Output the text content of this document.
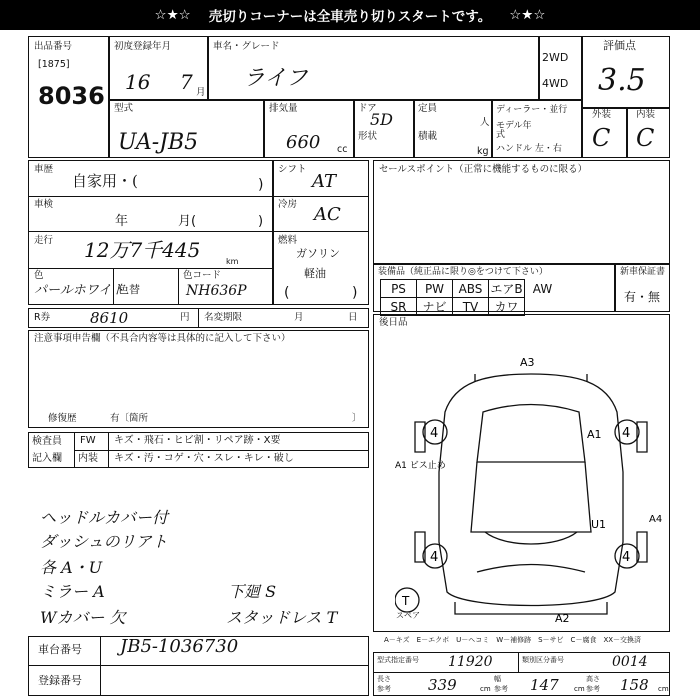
☆★☆ 売切りコーナーは全車売り切りスタートです。 ☆★☆
出品番号
[1875]
8036
初度登録年月
16 7 月
車名・グレード
ライフ
2WD
4WD
評価点
3.5
型式
UA-JB5
排気量
660 cc
ドア
5D
形状
定員
人
積載
kg
ディーラー・並行
モデル年式
ハンドル 左・右
外装	内装
C C
車歴
自家用・(	)
車検
年	月(	)
走行 12万7千445	km
色
パールホワイト
色替
色コード
NH636P
シフト
AT
冷房 AC
燃料
ガソリン
軽油
(	)
セールスポイント（正常に機能するものに限る）
装備品（純正品に限り◎をつけて下さい）	新車保証書
有・無
PS	PW	ABS	エアB	AW
SR	ナビ	TV	カワ	
R券	8610	円 名変期限	月	日
注意事項申告欄（不具合内容等は具体的に記入して下さい）
修復歴	有〔箇所	〕
後日品
検査員
記入欄
FW キズ・飛石・ヒビ割・リペア跡・X要
内装 キズ・汚・コゲ・穴・スレ・キレ・破し
ヘッドルカバー付
ダッシュのリアト
各 A・U
ミラー A
Wカバー 欠
下廻 S
スタッドレス T
A3
A1
4	4
A1 ビス止め
U1	A4
4	4
A2
T
スペア
A－キズ　E－エクボ　U－ヘコミ　W－補修跡　S－サビ　C－腐食　XX－交換済
車台番号 JB5-1036730
登録番号
型式指定番号 11920	類別区分番号	0014
長さ
参考 339	cm
幅
参考 147 cm
高さ
参考 158 cm
